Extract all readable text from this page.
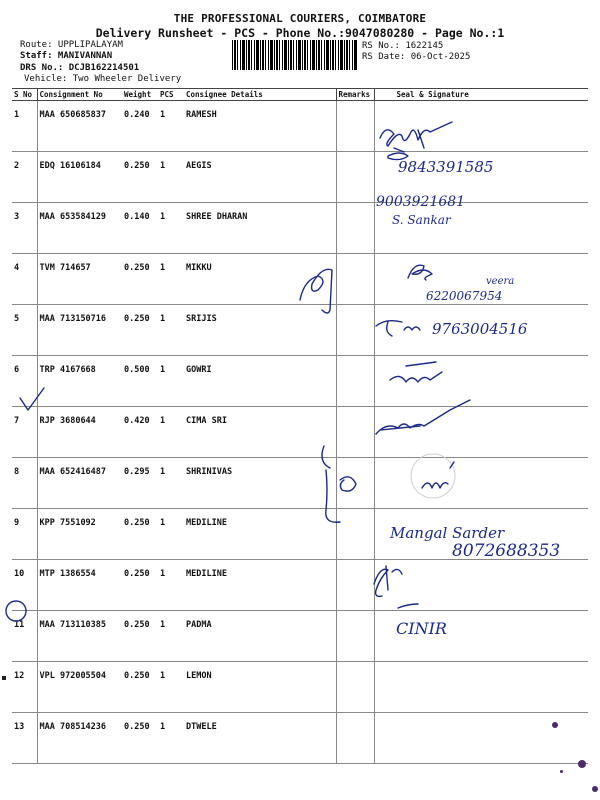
THE PROFESSIONAL COURIERS, COIMBATORE
Delivery Runsheet - PCS - Phone No.:9047080280 - Page No.:1
Route: UPPLIPALAYAM
Staff: MANIVANNAN
DRS No.: DCJB162214501
Vehicle: Two Wheeler Delivery
RS No.: 1622145
RS Date: 06-Oct-2025
S No	Consignment No	Weight	PCS	Consignee Details	Remarks	Seal & Signature
1	MAA 650685837	0.240	1	RAMESH		
2	EDQ 16106184	0.250	1	AEGIS		
3	MAA 653584129	0.140	1	SHREE DHARAN		
4	TVM 714657	0.250	1	MIKKU		
5	MAA 713150716	0.250	1	SRIJIS		
6	TRP 4167668	0.500	1	GOWRI		
7	RJP 3680644	0.420	1	CIMA SRI		
8	MAA 652416487	0.295	1	SHRINIVAS		
9	KPP 7551092	0.250	1	MEDILINE		
10	MTP 1386554	0.250	1	MEDILINE		
11	MAA 713110385	0.250	1	PADMA		
12	VPL 972005504	0.250	1	LEMON		
13	MAA 708514236	0.250	1	DTWELE		
9843391585
9003921681
S. Sankar
veera
6220067954
9763004516
Mangal Sarder
8072688353
CINIR
